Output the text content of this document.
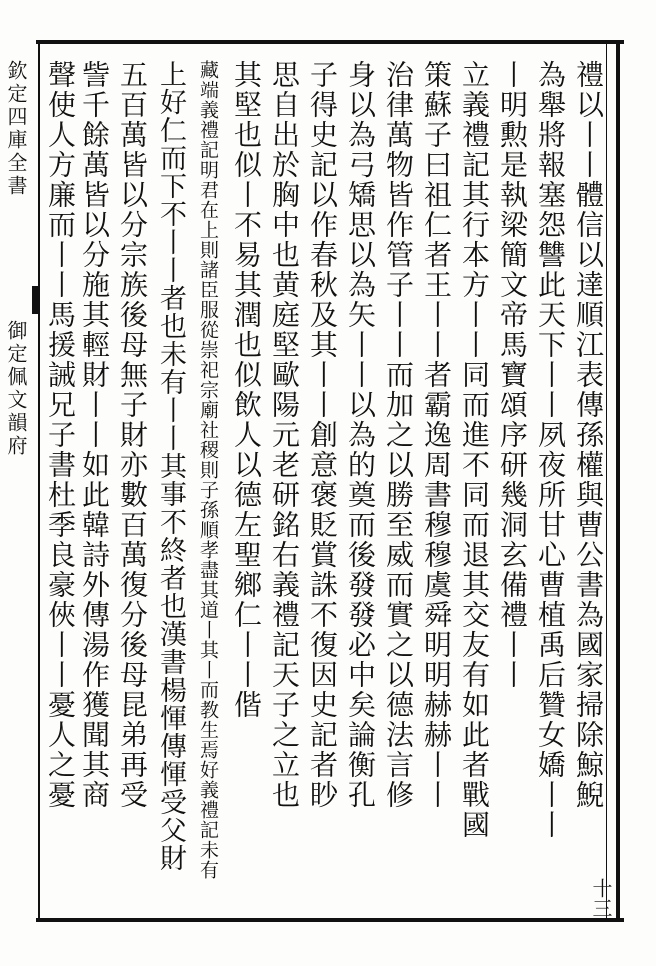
欽定四庫全書
御定佩文韻府	禮以丨丨體信以達順江表傳孫權與曹公書為國家掃除鯨鯢
為舉將報塞怨讐此天下丨丨夙夜所甘心曹植禹后贊女嬌丨丨
丨明勲是執梁簡文帝馬寶頌序研幾洞玄備禮丨丨
立義禮記其行本方丨丨同而進不同而退其交友有如此者戰國
策蘇子曰祖仁者王丨丨者霸逸周書穆穆虞舜明明赫赫丨丨
治律萬物皆作管子丨丨而加之以勝至威而實之以德法言修
身以為弓矯思以為矢丨丨以為的奠而後發發必中矣論衡孔
子得史記以作春秋及其丨丨創意褒貶賞誅不復因史記者眇
思自出於胸中也黄庭堅歐陽元老研銘右義禮記天子之立也
其堅也似丨不易其潤也似飲人以德左聖鄉仁丨丨偕
藏端義禮記明君在上則諸臣服從崇祀宗廟社稷則子孫順孝盡其道丨其丨而教生焉好義禮記未有
上好仁而下不丨丨者也未有丨丨其事不終者也漢書楊惲傳惲受父財
五百萬皆以分宗族後母無子財亦數百萬復分後母昆弟再受
訾千餘萬皆以分施其輕財丨丨如此韓詩外傳湯作獲聞其商
聲使人方廉而丨丨馬援誡兄子書杜季良豪俠丨丨憂人之憂
十三
